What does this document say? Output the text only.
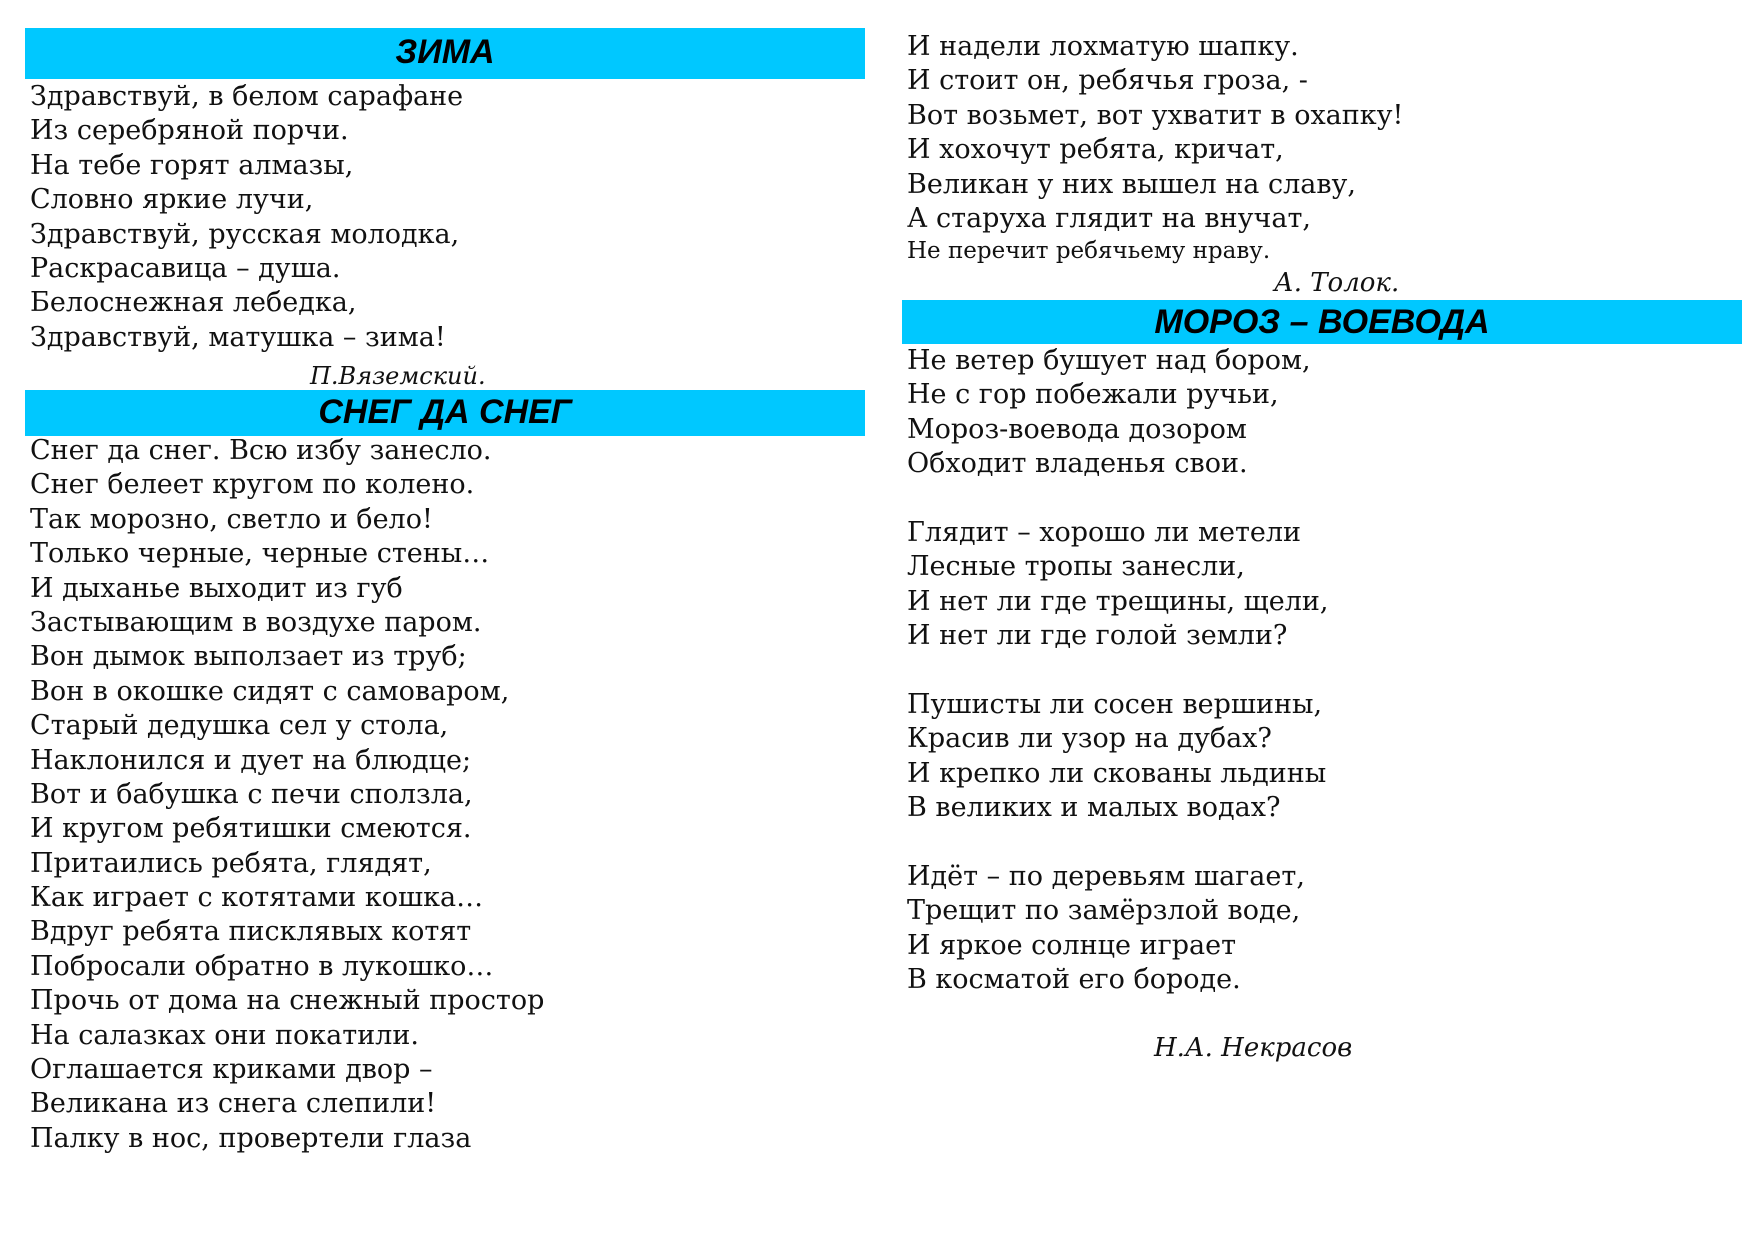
ЗИМА
Здравствуй, в белом сарафане
Из серебряной порчи.
На тебе горят алмазы,
Словно яркие лучи,
Здравствуй, русская молодка,
Раскрасавица – душа.
Белоснежная лебедка,
Здравствуй, матушка – зима!
П.Вяземский.
СНЕГ ДА СНЕГ
Снег да снег. Всю избу занесло.
Снег белеет кругом по колено.
Так морозно, светло и бело!
Только черные, черные стены…
И дыханье выходит из губ
Застывающим в воздухе паром.
Вон дымок выползает из труб;
Вон в окошке сидят с самоваром,
Старый дедушка сел у стола,
Наклонился и дует на блюдце;
Вот и бабушка с печи сползла,
И кругом ребятишки смеются.
Притаились ребята, глядят,
Как играет с котятами кошка…
Вдруг ребята писклявых котят
Побросали обратно в лукошко…
Прочь от дома на снежный простор
На салазках они покатили.
Оглашается криками двор –
Великана из снега слепили!
Палку в нос, провертели глаза
И надели лохматую шапку.
И стоит он, ребячья гроза, -
Вот возьмет, вот ухватит в охапку!
И хохочут ребята, кричат,
Великан у них вышел на славу,
А старуха глядит на внучат,
Не перечит ребячьему нраву.
А. Толок.
МОРОЗ – ВОЕВОДА
Не ветер бушует над бором,
Не с гор побежали ручьи,
Мороз-воевода дозором
Обходит владенья свои.
Глядит – хорошо ли метели
Лесные тропы занесли,
И нет ли где трещины, щели,
И нет ли где голой земли?
Пушисты ли сосен вершины,
Красив ли узор на дубах?
И крепко ли скованы льдины
В великих и малых водах?
Идёт – по деревьям шагает,
Трещит по замёрзлой воде,
И яркое солнце играет
В косматой его бороде.
Н.А. Некрасов
